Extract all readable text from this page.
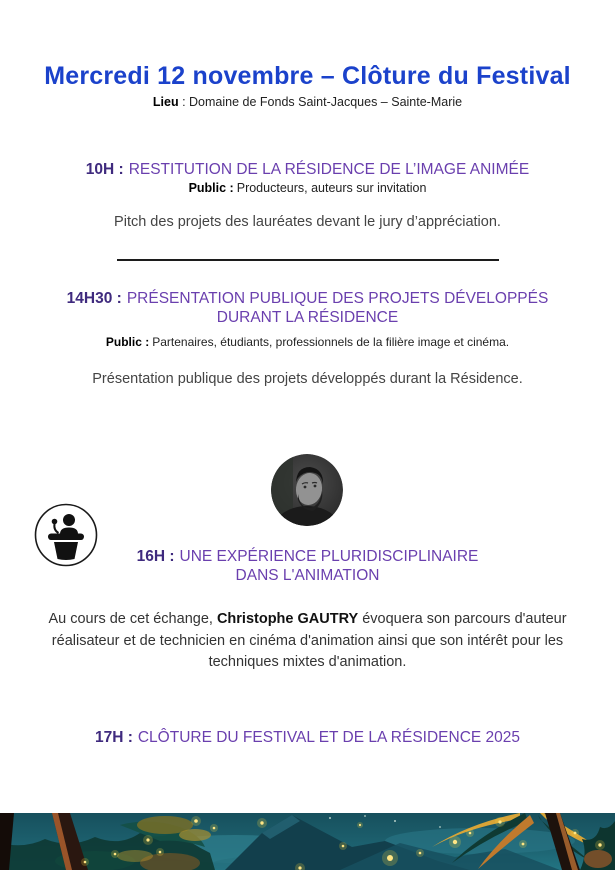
Mercredi 12 novembre – Clôture du Festival
Lieu : Domaine de Fonds Saint-Jacques – Sainte-Marie
10H : RESTITUTION DE LA RÉSIDENCE DE L’IMAGE ANIMÉE
Public : Producteurs, auteurs sur invitation
Pitch des projets des lauréates devant le jury d’appréciation.
14H30 : PRÉSENTATION PUBLIQUE DES PROJETS DÉVELOPPÉS
DURANT LA RÉSIDENCE
Public : Partenaires, étudiants, professionnels de la filière image et cinéma.
Présentation publique des projets développés durant la Résidence.
16H : UNE EXPÉRIENCE PLURIDISCIPLINAIRE
DANS L'ANIMATION
Au cours de cet échange, Christophe GAUTRY évoquera son parcours d'auteur réalisateur et de technicien en cinéma d'animation ainsi que son intérêt pour les techniques mixtes d'animation.
17H : CLÔTURE DU FESTIVAL ET DE LA RÉSIDENCE 2025
